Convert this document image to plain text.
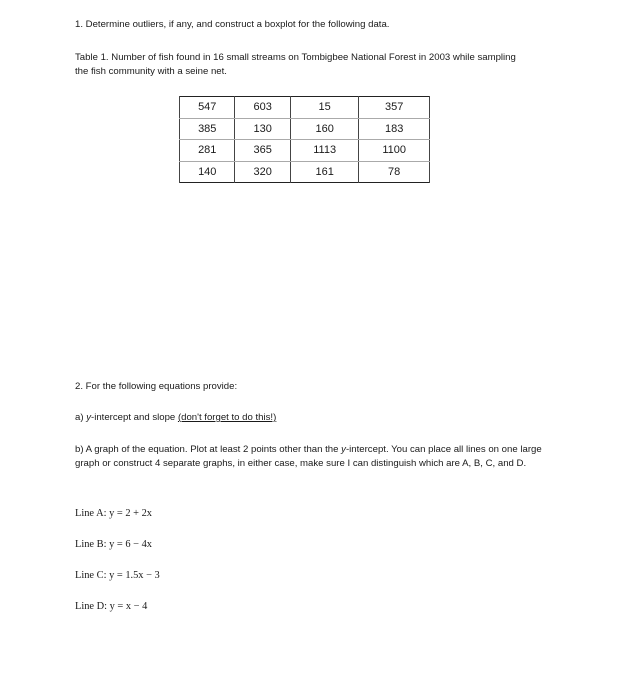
1. Determine outliers, if any, and construct a boxplot for the following data.
Table 1. Number of fish found in 16 small streams on Tombigbee National Forest in 2003 while sampling
the fish community with a seine net.
547	603	15	357
385	130	160	183
281	365	1113	1100
140	320	161	78
2. For the following equations provide:
a) y-intercept and slope (don't forget to do this!)
b) A graph of the equation. Plot at least 2 points other than the y-intercept. You can place all lines on one large graph or construct 4 separate graphs, in either case, make sure I can distinguish which are A, B, C, and D.
Line A: y = 2 + 2x
Line B: y = 6 − 4x
Line C: y = 1.5x − 3
Line D: y = x − 4
